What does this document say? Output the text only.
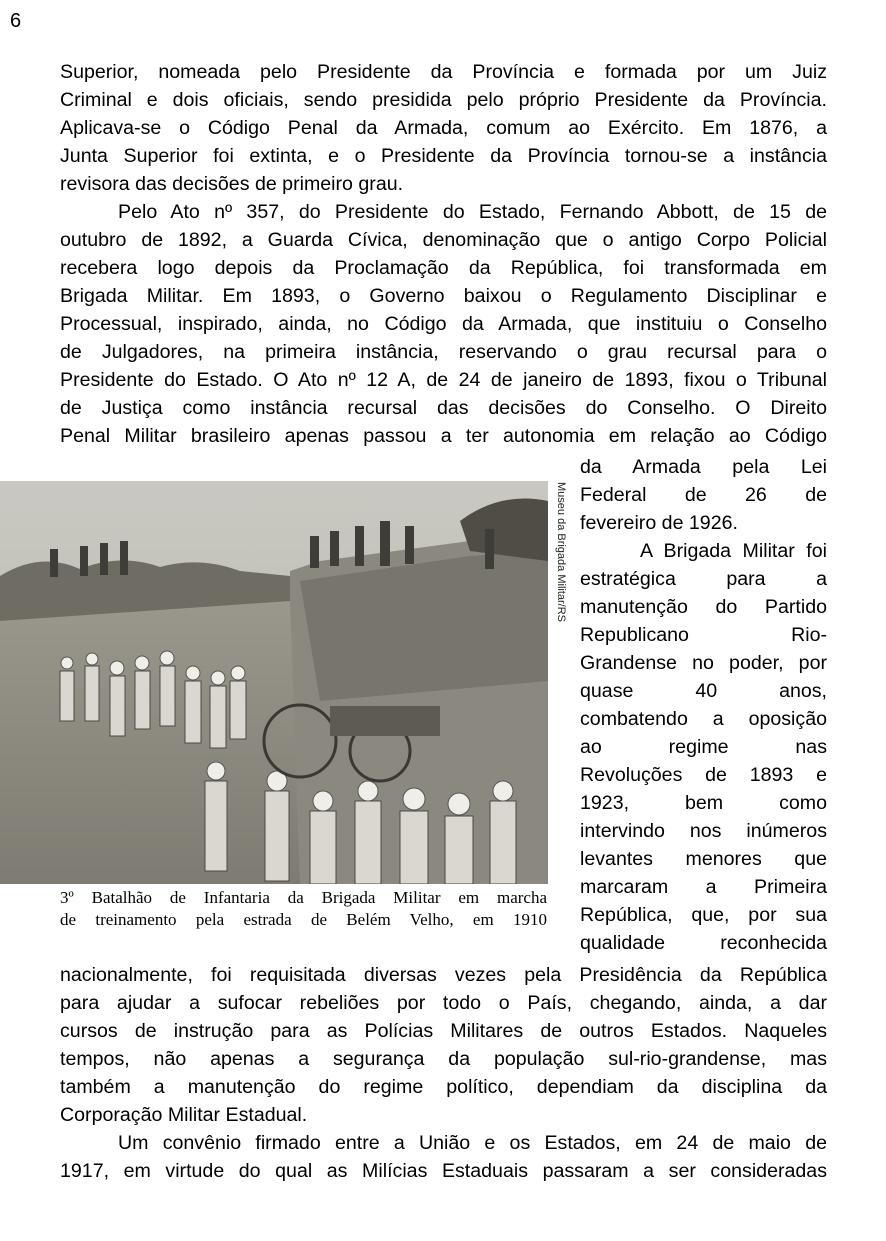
6
Superior, nomeada pelo Presidente da Província e formada por um Juiz
Criminal e dois oficiais, sendo presidida pelo próprio Presidente da Província.
Aplicava-se o Código Penal da Armada, comum ao Exército. Em 1876, a
Junta Superior foi extinta, e o Presidente da Província tornou-se a instância
revisora das decisões de primeiro grau.
Pelo Ato nº 357, do Presidente do Estado, Fernando Abbott, de 15 de
outubro de 1892, a Guarda Cívica, denominação que o antigo Corpo Policial
recebera logo depois da Proclamação da República, foi transformada em
Brigada Militar. Em 1893, o Governo baixou o Regulamento Disciplinar e
Processual, inspirado, ainda, no Código da Armada, que instituiu o Conselho
de Julgadores, na primeira instância, reservando o grau recursal para o
Presidente do Estado. O Ato nº 12 A, de 24 de janeiro de 1893, fixou o Tribunal
de Justiça como instância recursal das decisões do Conselho. O Direito
Penal Militar brasileiro apenas passou a ter autonomia em relação ao Código
Museu da Brigada Militar/RS
3º Batalhão de Infantaria da Brigada Militar em marcha
de treinamento pela estrada de Belém Velho, em 1910
da Armada pela Lei
Federal de 26 de
fevereiro de 1926.
A Brigada Militar foi
estratégica para a
manutenção do Partido
Republicano Rio-
Grandense no poder, por
quase 40 anos,
combatendo a oposição
ao regime nas
Revoluções de 1893 e
1923, bem como
intervindo nos inúmeros
levantes menores que
marcaram a Primeira
República, que, por sua
qualidade reconhecida
nacionalmente, foi requisitada diversas vezes pela Presidência da República
para ajudar a sufocar rebeliões por todo o País, chegando, ainda, a dar
cursos de instrução para as Polícias Militares de outros Estados. Naqueles
tempos, não apenas a segurança da população sul-rio-grandense, mas
também a manutenção do regime político, dependiam da disciplina da
Corporação Militar Estadual.
Um convênio firmado entre a União e os Estados, em 24 de maio de
1917, em virtude do qual as Milícias Estaduais passaram a ser consideradas
